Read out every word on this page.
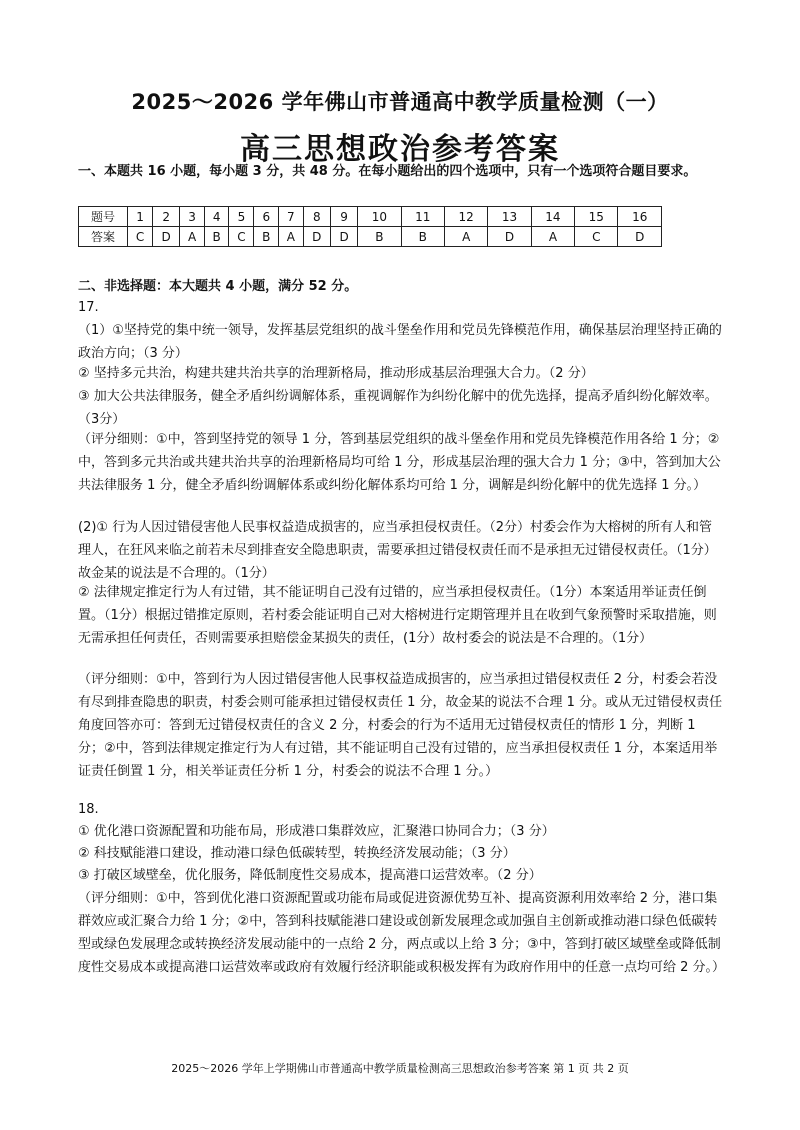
2025～2026 学年佛山市普通高中教学质量检测（一）
高三思想政治参考答案

一、本题共 16 小题，每小题 3 分，共 48 分。在每小题给出的四个选项中，只有一个选项符合题目要求。

题号	1	2	3	4	5	6	7	8	9	10	11	12	13	14	15	16
答案	C	D	A	B	C	B	A	D	D	B	B	A	D	A	C	D

二、非选择题：本大题共 4 小题，满分 52 分。

17.

（1）①坚持党的集中统一领导，发挥基层党组织的战斗堡垒作用和党员先锋模范作用，确保基层治理坚持正确的政治方向；（3 分）

② 坚持多元共治，构建共建共治共享的治理新格局，推动形成基层治理强大合力。（2 分）

③ 加大公共法律服务，健全矛盾纠纷调解体系，重视调解作为纠纷化解中的优先选择，提高矛盾纠纷化解效率。（3分）

（评分细则：①中，答到坚持党的领导 1 分，答到基层党组织的战斗堡垒作用和党员先锋模范作用各给 1 分；②中，答到多元共治或共建共治共享的治理新格局均可给 1 分，形成基层治理的强大合力 1 分；③中，答到加大公共法律服务 1 分，健全矛盾纠纷调解体系或纠纷化解体系均可给 1 分，调解是纠纷化解中的优先选择 1 分。）

(2)① 行为人因过错侵害他人民事权益造成损害的，应当承担侵权责任。（2分）村委会作为大榕树的所有人和管理人，在狂风来临之前若未尽到排查安全隐患职责，需要承担过错侵权责任而不是承担无过错侵权责任。（1分）故金某的说法是不合理的。（1分）

② 法律规定推定行为人有过错，其不能证明自己没有过错的，应当承担侵权责任。（1分）本案适用举证责任倒置。（1分）根据过错推定原则，若村委会能证明自己对大榕树进行定期管理并且在收到气象预警时采取措施，则无需承担任何责任，否则需要承担赔偿金某损失的责任，(1分）故村委会的说法是不合理的。（1分）

（评分细则：①中，答到行为人因过错侵害他人民事权益造成损害的，应当承担过错侵权责任 2 分，村委会若没有尽到排查隐患的职责，村委会则可能承担过错侵权责任 1 分，故金某的说法不合理 1 分。或从无过错侵权责任角度回答亦可：答到无过错侵权责任的含义 2 分，村委会的行为不适用无过错侵权责任的情形 1 分，判断 1 分；②中，答到法律规定推定行为人有过错，其不能证明自己没有过错的，应当承担侵权责任 1 分，本案适用举证责任倒置 1 分，相关举证责任分析 1 分，村委会的说法不合理 1 分。）

18.

① 优化港口资源配置和功能布局，形成港口集群效应，汇聚港口协同合力；（3 分）

② 科技赋能港口建设，推动港口绿色低碳转型，转换经济发展动能；（3 分）

③ 打破区域壁垒，优化服务，降低制度性交易成本，提高港口运营效率。（2 分）

（评分细则：①中，答到优化港口资源配置或功能布局或促进资源优势互补、提高资源利用效率给 2 分，港口集群效应或汇聚合力给 1 分；②中，答到科技赋能港口建设或创新发展理念或加强自主创新或推动港口绿色低碳转型或绿色发展理念或转换经济发展动能中的一点给 2 分，两点或以上给 3 分；③中，答到打破区域壁垒或降低制度性交易成本或提高港口运营效率或政府有效履行经济职能或积极发挥有为政府作用中的任意一点均可给 2 分。）

2025～2026 学年上学期佛山市普通高中教学质量检测高三思想政治参考答案 第 1 页 共 2 页
